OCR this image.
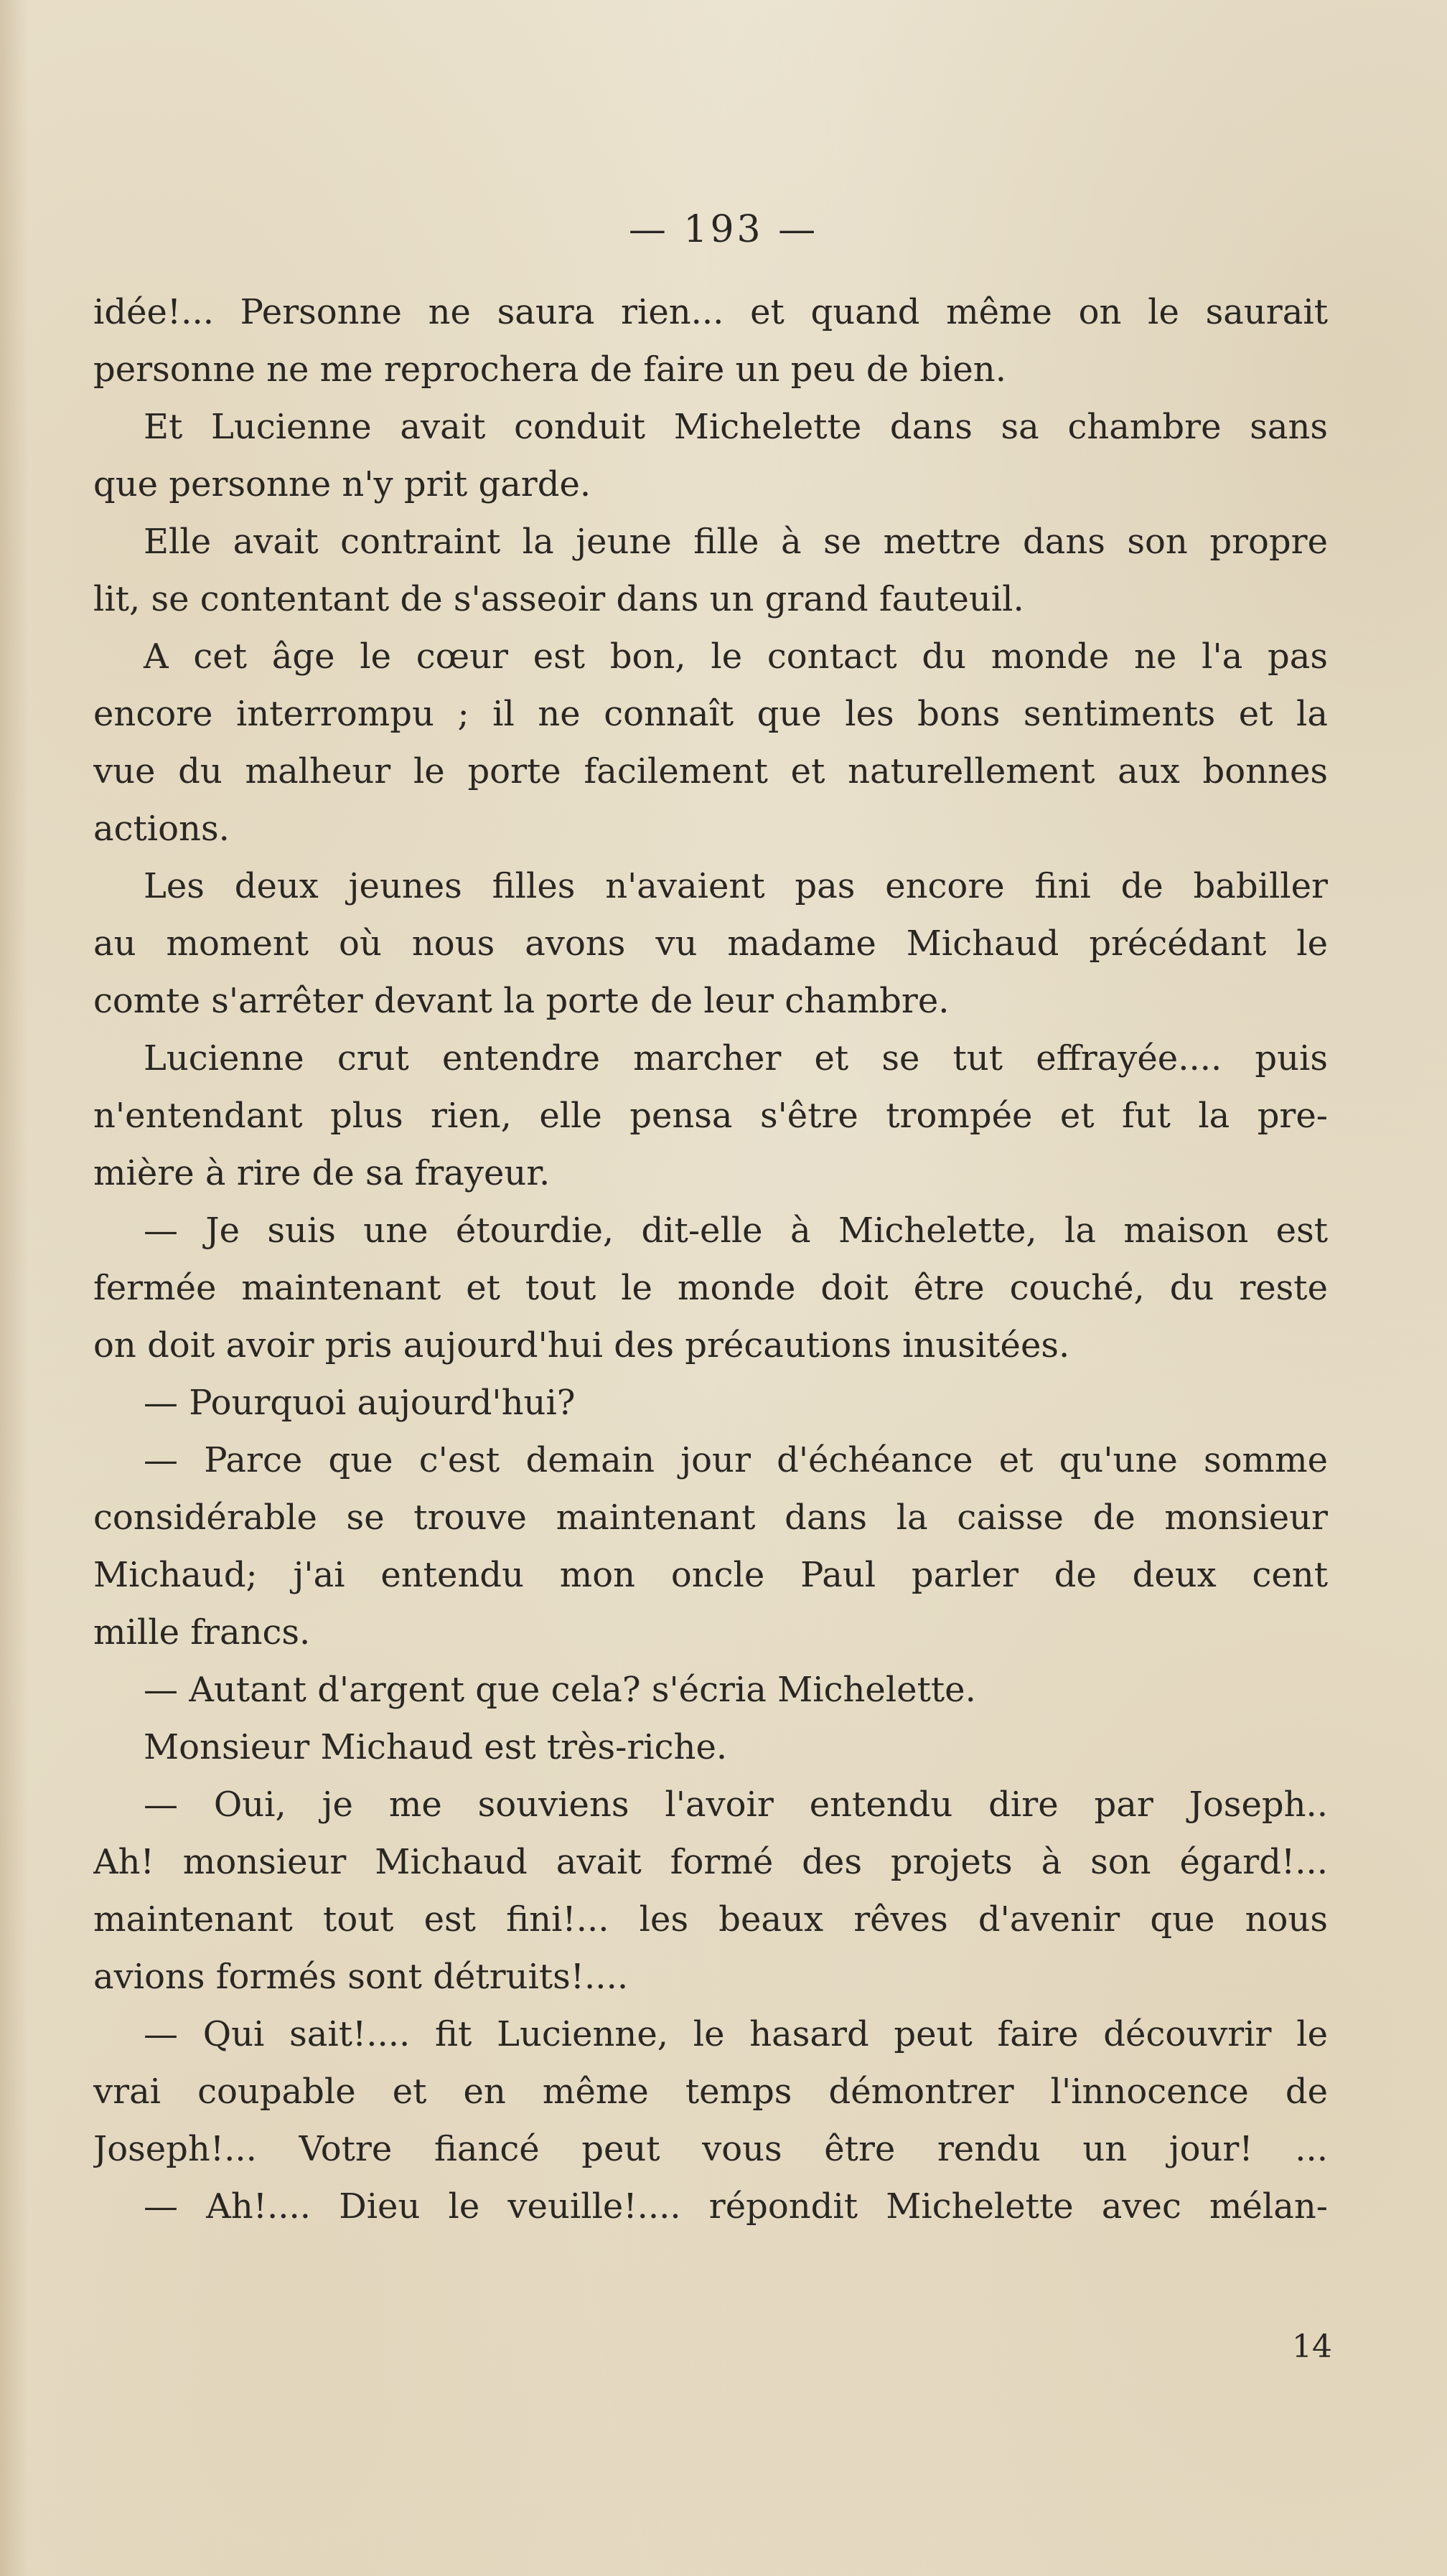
— 193 —
idée!... Personne ne saura rien... et quand même on le saurait
personne ne me reprochera de faire un peu de bien.
Et Lucienne avait conduit Michelette dans sa chambre sans
que personne n'y prit garde.
Elle avait contraint la jeune fille à se mettre dans son propre
lit, se contentant de s'asseoir dans un grand fauteuil.
A cet âge le cœur est bon, le contact du monde ne l'a pas
encore interrompu ; il ne connaît que les bons sentiments et la
vue du malheur le porte facilement et naturellement aux bonnes
actions.
Les deux jeunes filles n'avaient pas encore fini de babiller
au moment où nous avons vu madame Michaud précédant le
comte s'arrêter devant la porte de leur chambre.
Lucienne crut entendre marcher et se tut effrayée.... puis
n'entendant plus rien, elle pensa s'être trompée et fut la pre-
mière à rire de sa frayeur.
— Je suis une étourdie, dit-elle à Michelette, la maison est
fermée maintenant et tout le monde doit être couché, du reste
on doit avoir pris aujourd'hui des précautions inusitées.
— Pourquoi aujourd'hui?
— Parce que c'est demain jour d'échéance et qu'une somme
considérable se trouve maintenant dans la caisse de monsieur
Michaud; j'ai entendu mon oncle Paul parler de deux cent
mille francs.
— Autant d'argent que cela? s'écria Michelette.
Monsieur Michaud est très-riche.
— Oui, je me souviens l'avoir entendu dire par Joseph..
Ah! monsieur Michaud avait formé des projets à son égard!...
maintenant tout est fini!... les beaux rêves d'avenir que nous
avions formés sont détruits!....
— Qui sait!.... fit Lucienne, le hasard peut faire découvrir le
vrai coupable et en même temps démontrer l'innocence de
Joseph!... Votre fiancé peut vous être rendu un jour! ...
— Ah!.... Dieu le veuille!.... répondit Michelette avec mélan-
14
